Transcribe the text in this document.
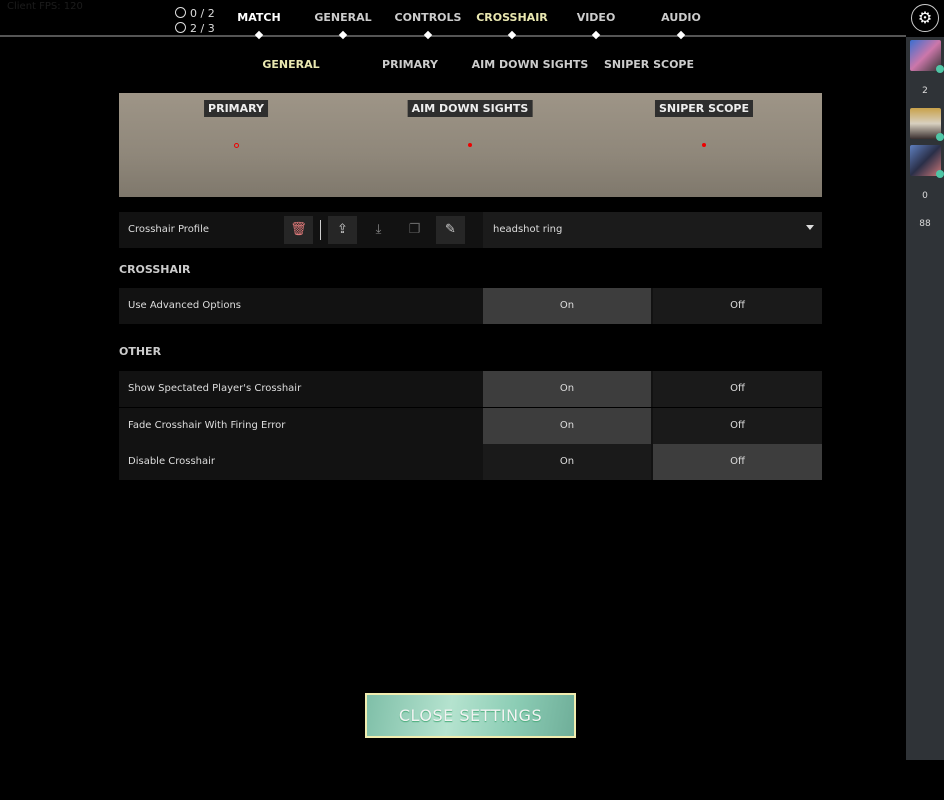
Client FPS: 120
0 / 2
2 / 3
MATCH	GENERAL CONTROLS CROSSHAIR	VIDEO	AUDIO
GENERAL	PRIMARY	AIM DOWN SIGHTS SNIPER SCOPE
⚙
2
0
88
PRIMARY	AIM DOWN SIGHTS	SNIPER SCOPE
Crosshair Profile	🗑	⇪	⤓	❐	✎	headshot ring
CROSSHAIR
Use Advanced Options	On	Off
OTHER
Show Spectated Player's Crosshair	On	Off
Fade Crosshair With Firing Error	On	Off
Disable Crosshair	On	Off
CLOSE SETTINGS
